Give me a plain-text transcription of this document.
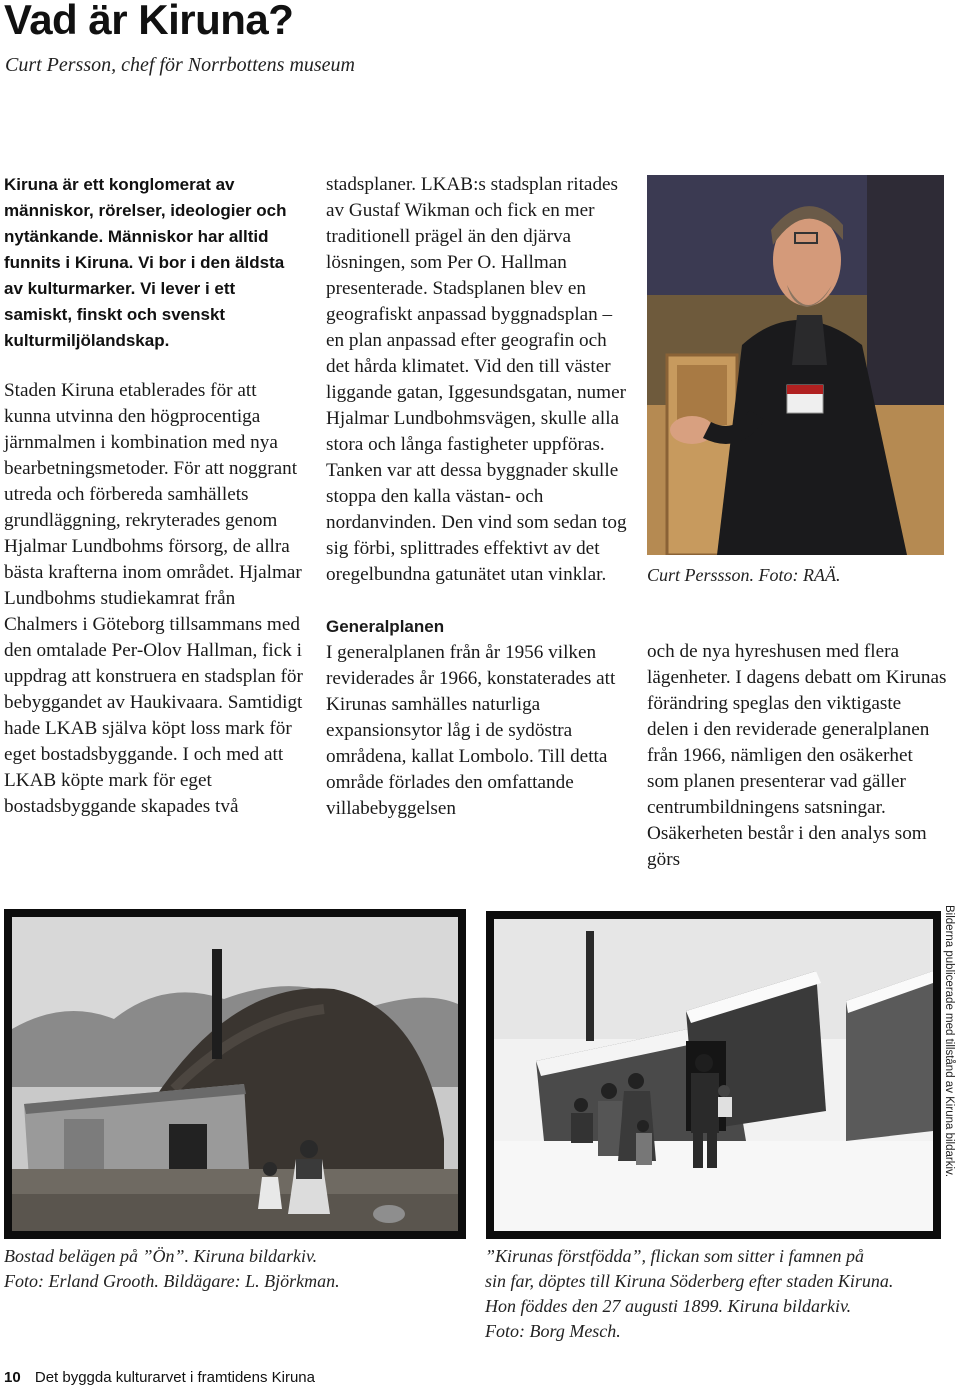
Vad är Kiruna?
Curt Persson, chef för Norrbottens museum

Kiruna är ett konglomerat av människor, rörelser, ideologier och nytänkande. Människor har alltid funnits i Kiruna. Vi bor i den äldsta av kulturmarker. Vi lever i ett samiskt, finskt och svenskt kulturmiljölandskap.

Staden Kiruna etablerades för att kunna utvinna den högprocentiga järnmalmen i kombination med nya bearbetningsmetoder. För att noggrant utreda och förbereda samhällets grundläggning, rekryterades genom Hjalmar Lundbohms försorg, de allra bästa krafterna inom området. Hjalmar Lundbohms studiekamrat från Chalmers i Göteborg tillsammans med den omtalade Per-Olov Hallman, fick i uppdrag att konstruera en stadsplan för bebyggandet av Haukivaara. Samtidigt hade LKAB själva köpt loss mark för eget bostadsbyggande. I och med att LKAB köpte mark för eget bostadsbyggande skapades två

stadsplaner. LKAB:s stadsplan ritades av Gustaf Wikman och fick en mer traditionell prägel än den djärva lösningen, som Per O. Hallman presenterade. Stadsplanen blev en geografiskt anpassad byggnadsplan – en plan anpassad efter geografin och det hårda klimatet. Vid den till väster liggande gatan, Iggesundsgatan, numer Hjalmar Lundbohmsvägen, skulle alla stora och långa fastigheter uppföras. Tanken var att dessa byggnader skulle stoppa den kalla västan- och nordanvinden. Den vind som sedan tog sig förbi, splittrades effektivt av det oregelbundna gatunätet utan vinklar.

Generalplanen

I generalplanen från år 1956 vilken reviderades år 1966, konstaterades att Kirunas samhälles naturliga expansionsytor låg i de sydöstra områdena, kallat Lombolo. Till detta område förlades den omfattande villabebyggelsen

Curt Perssson. Foto: RAÄ.

och de nya hyreshusen med flera lägenheter. I dagens debatt om Kirunas förändring speglas den viktigaste delen i den reviderade generalplanen från 1966, nämligen den osäkerhet som planen presenterar vad gäller centrumbildningens satsningar. Osäkerheten består i den analys som görs

Bostad belägen på ”Ön”. Kiruna bildarkiv.

Foto: Erland Grooth. Bildägare: L. Björkman.

”Kirunas förstfödda”, flickan som sitter i famnen på

sin far, döptes till Kiruna Söderberg efter staden Kiruna.

Hon föddes den 27 augusti 1899. Kiruna bildarkiv.

Foto: Borg Mesch.

Bilderna publicerade med tillstånd av Kiruna bildarkiv.
10 Det byggda kulturarvet i framtidens Kiruna
